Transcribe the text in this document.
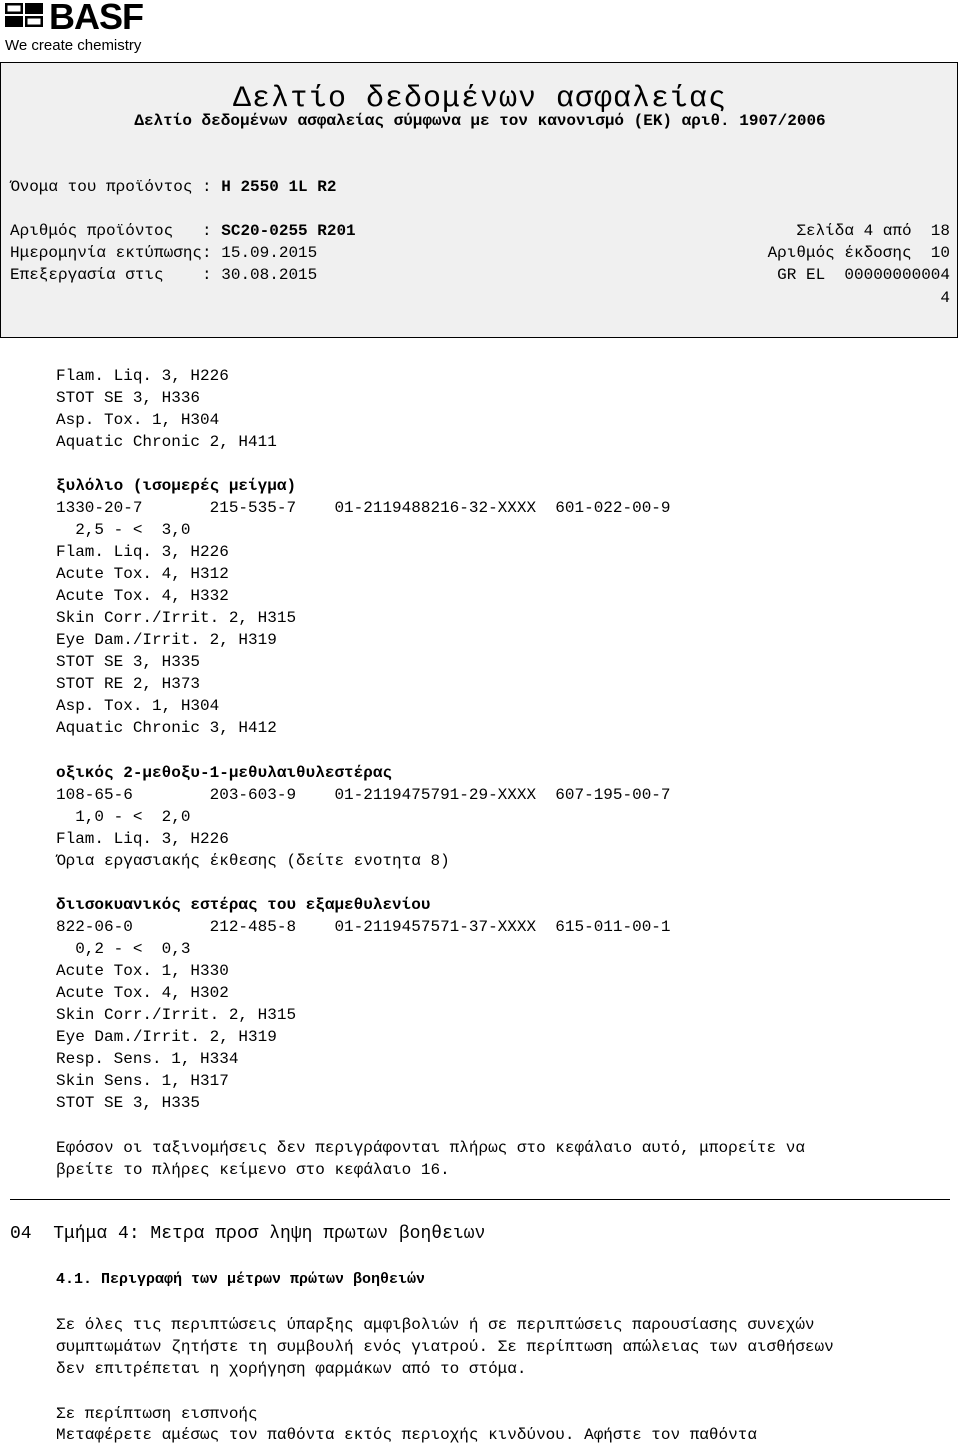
BASF
We create chemistry
Δελτίο δεδομένων ασφαλείας
Δελτίο δεδομένων ασφαλείας σύμφωνα με τον κανονισμό (ΕΚ) αριθ. 1907/2006
Όνομα του προϊόντος : H 2550 1L R2
Αριθμός προϊόντος   : SC20-0255 R201
Ημερομηνία εκτύπωσης: 15.09.2015
Επεξεργασία στις    : 30.08.2015
Σελίδα 4 από  18
Αριθμός έκδοσης  10
GR EL  00000000004
4
Flam. Liq. 3, H226
STOT SE 3, H336
Asp. Tox. 1, H304
Aquatic Chronic 2, H411
ξυλόλιο (ισομερές μείγμα)
1330-20-7       215-535-7    01-2119488216-32-XXXX  601-022-00-9
2,5 - <  3,0
Flam. Liq. 3, H226
Acute Tox. 4, H312
Acute Tox. 4, H332
Skin Corr./Irrit. 2, H315
Eye Dam./Irrit. 2, H319
STOT SE 3, H335
STOT RE 2, H373
Asp. Tox. 1, H304
Aquatic Chronic 3, H412
οξικός 2-μεθοξυ-1-μεθυλαιθυλεστέρας
108-65-6        203-603-9    01-2119475791-29-XXXX  607-195-00-7
1,0 - <  2,0
Flam. Liq. 3, H226
Όρια εργασιακής έκθεσης (δείτε ενοτητα 8)
διισοκυανικός εστέρας του εξαμεθυλενίου
822-06-0        212-485-8    01-2119457571-37-XXXX  615-011-00-1
0,2 - <  0,3
Acute Tox. 1, H330
Acute Tox. 4, H302
Skin Corr./Irrit. 2, H315
Eye Dam./Irrit. 2, H319
Resp. Sens. 1, H334
Skin Sens. 1, H317
STOT SE 3, H335
Εφόσον οι ταξινομήσεις δεν περιγράφονται πλήρως στο κεφάλαιο αυτό, μπορείτε να
βρείτε το πλήρες κείμενο στο κεφάλαιο 16.
04  Τμήμα 4: Μετρα προσ ληψη πρωτων βοηθειων
4.1. Περιγραφή των μέτρων πρώτων βοηθειών
Σε όλες τις περιπτώσεις ύπαρξης αμφιβολιών ή σε περιπτώσεις παρουσίασης συνεχών
συμπτωμάτων ζητήστε τη συμβουλή ενός γιατρού. Σε περίπτωση απώλειας των αισθήσεων
δεν επιτρέπεται η χορήγηση φαρμάκων από το στόμα.
Σε περίπτωση εισπνοής
Μεταφέρετε αμέσως τον παθόντα εκτός περιοχής κινδύνου. Αφήστε τον παθόντα
